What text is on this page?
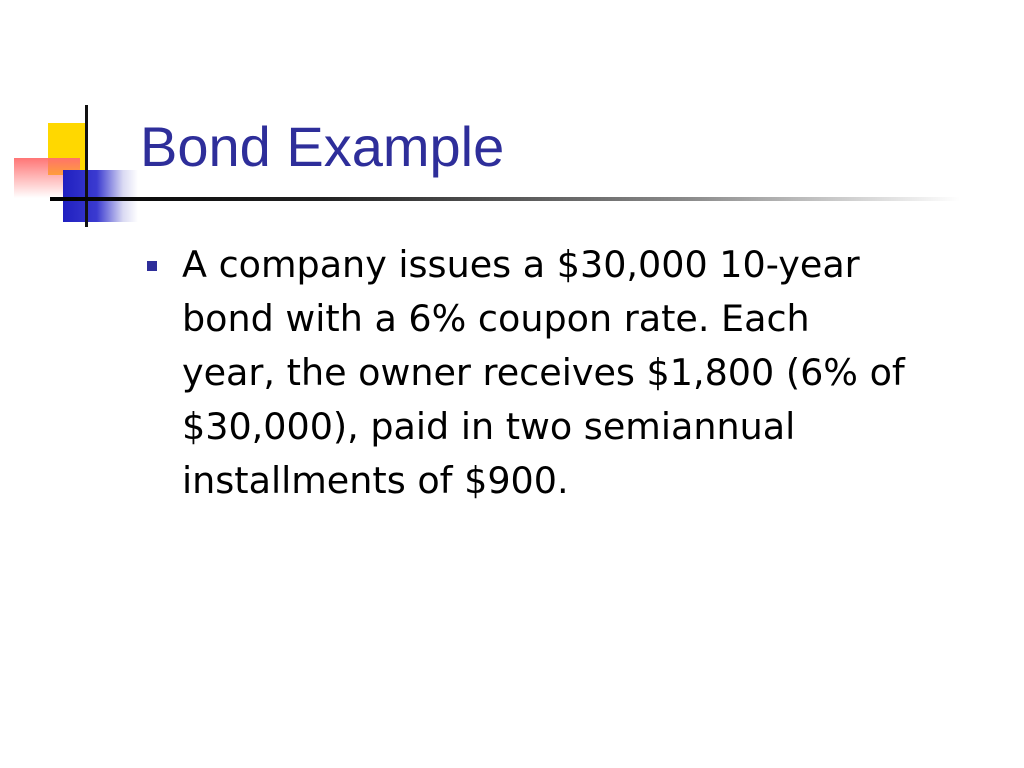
Bond Example

A company issues a $30,000 10-year
bond with a 6% coupon rate. Each
year, the owner receives $1,800 (6% of
$30,000), paid in two semiannual
installments of $900.
